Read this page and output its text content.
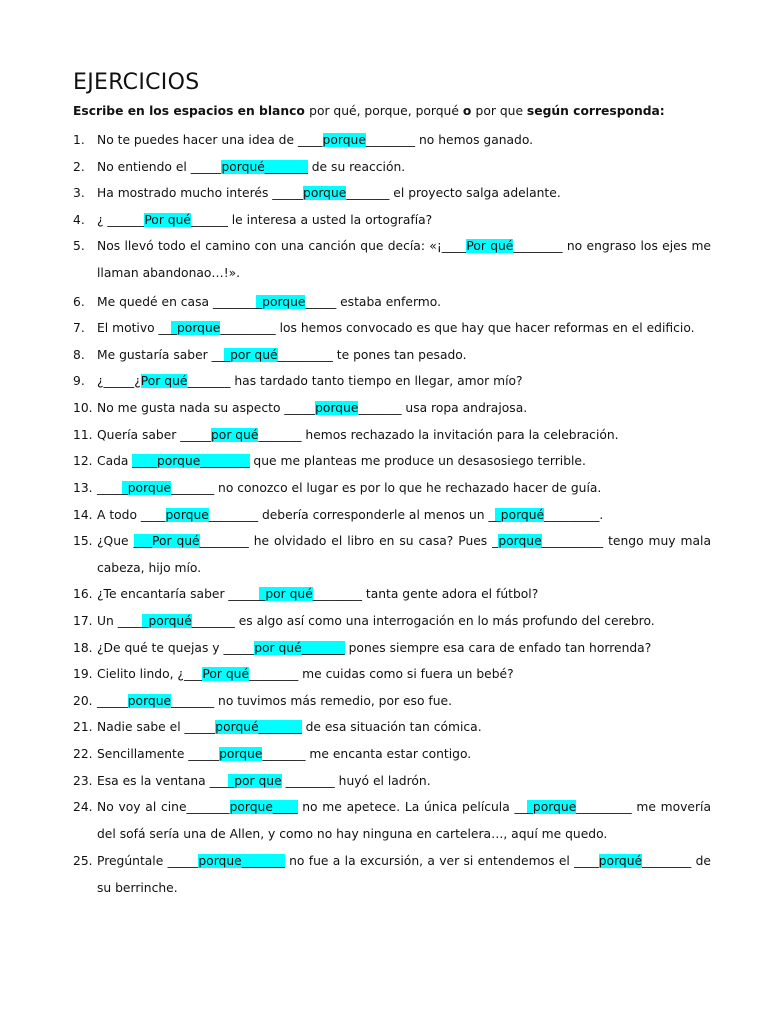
EJERCICIOS
Escribe en los espacios en blanco por qué, porque, porqué o por que según corresponda:
1. No te puedes hacer una idea de ____porque________ no hemos ganado.
2. No entiendo el _____porqué_______ de su reacción.
3. Ha mostrado mucho interés _____porque_______ el proyecto salga adelante.
4. ¿ ______Por qué______ le interesa a usted la ortografía?
5. Nos llevó todo el camino con una canción que decía: «¡____Por qué________ no engraso los ejes me llaman abandonao…!».
6. Me quedé en casa ________porque_____ estaba enfermo.
7. El motivo ___porque_________ los hemos convocado es que hay que hacer reformas en el edificio.
8. Me gustaría saber ___por qué_________ te pones tan pesado.
9. ¿_____¿Por qué_______ has tardado tanto tiempo en llegar, amor mío?
10. No me gusta nada su aspecto _____porque_______ usa ropa andrajosa.
11. Quería saber _____por qué_______ hemos rechazado la invitación para la celebración.
12. Cada ____porque________ que me planteas me produce un desasosiego terrible.
13. _____porque_______ no conozco el lugar es por lo que he rechazado hacer de guía.
14. A todo ____porque________ debería corresponderle al menos un __porqué_________.
15. ¿Que ___Por qué________ he olvidado el libro en su casa? Pues _porque__________ tengo muy mala cabeza, hijo mío.
16. ¿Te encantaría saber ______por qué________ tanta gente adora el fútbol?
17. Un _____porqué_______ es algo así como una interrogación en lo más profundo del cerebro.
18. ¿De qué te quejas y _____por qué_______ pones siempre esa cara de enfado tan horrenda?
19. Cielito lindo, ¿___Por qué________ me cuidas como si fuera un bebé?
20. _____porque_______ no tuvimos más remedio, por eso fue.
21. Nadie sabe el _____porqué_______ de esa situación tan cómica.
22. Sencillamente _____porque_______ me encanta estar contigo.
23. Esa es la ventana ____por que ________ huyó el ladrón.
24. No voy al cine_______porque____ no me apetece. La única película ___porque_________ me movería del sofá sería una de Allen, y como no hay ninguna en cartelera…, aquí me quedo.
25. Pregúntale _____porque_______ no fue a la excursión, a ver si entendemos el ____porqué________ de su berrinche.
